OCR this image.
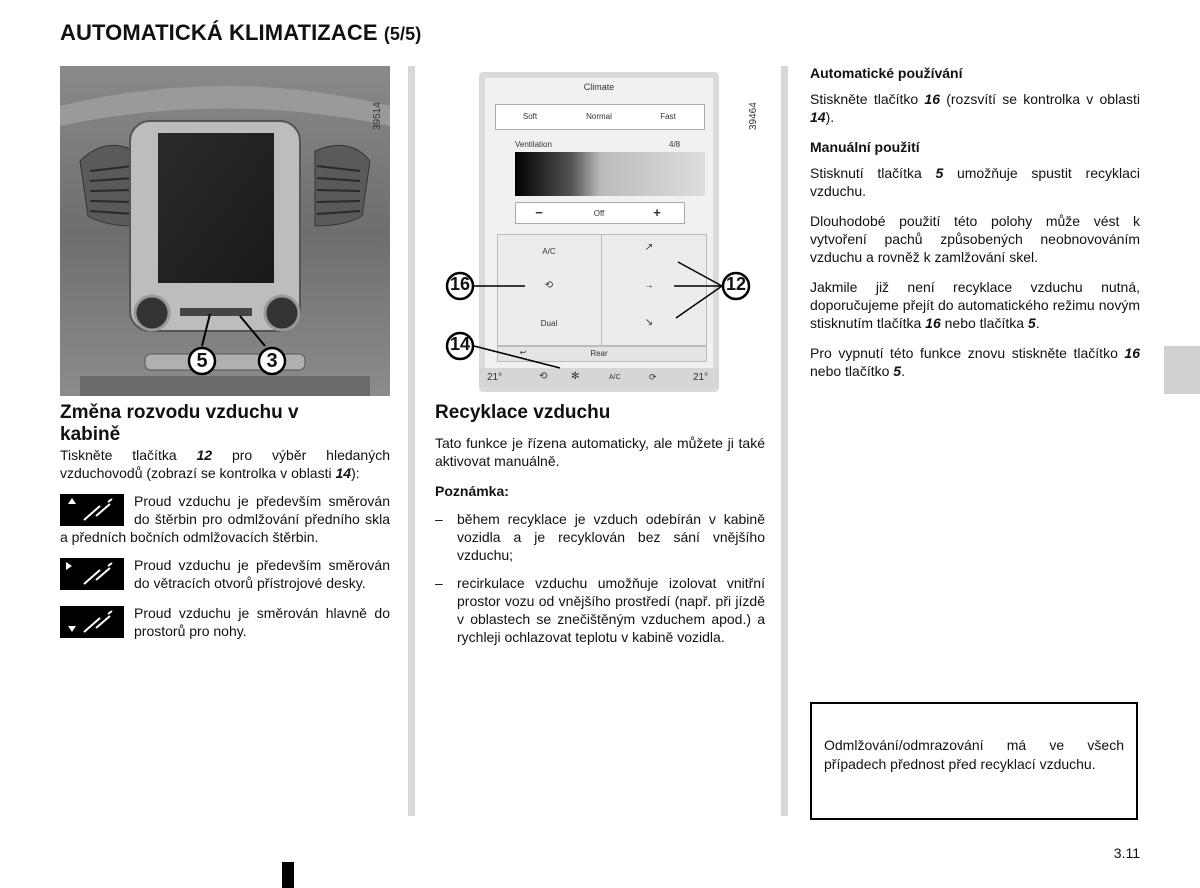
AUTOMATICKÁ KLIMATIZACE (5/5)
3.11
5	3
39514
Climate
Soft	Normal	Fast
Ventilation	4/8
−	Off	+
A/C
⟲
Dual
↗
→
↘
↩	Rear
21°	⟲ ✻	A/C	⟳	21°
16	12
14
39464
Změna rozvodu vzduchu v kabině

Tiskněte tlačítka 12 pro výběr hledaných vzduchovodů (zobrazí se kontrolka v oblasti 14):

Proud vzduchu je především směrován do štěrbin pro odmlžování předního skla a předních bočních odmlžovacích štěrbin.
Proud vzduchu je především směrován do větracích otvorů přístrojové desky.
Proud vzduchu je směrován hlavně do prostorů pro nohy.
Recyklace vzduchu

Tato funkce je řízena automaticky, ale můžete ji také aktivovat manuálně.

Poznámka:
–	během recyklace je vzduch odebírán v kabině vozidla a je recyklován bez sání vnějšího vzduchu;
–	recirkulace vzduchu umožňuje izolovat vnitřní prostor vozu od vnějšího prostředí (např. při jízdě v oblastech se znečištěným vzduchem apod.) a rychleji ochlazovat teplotu v kabině vozidla.
Automatické používání

Stiskněte tlačítko 16 (rozsvítí se kontrolka v oblasti 14).

Manuální použití

Stisknutí tlačítka 5 umožňuje spustit recyklaci vzduchu.

Dlouhodobé použití této polohy může vést k vytvoření pachů způsobených neobnovováním vzduchu a rovněž k zamlžování skel.

Jakmile již není recyklace vzduchu nutná, doporučujeme přejít do automatického režimu novým stisknutím tlačítka 16 nebo tlačítka 5.

Pro vypnutí této funkce znovu stiskněte tlačítko 16 nebo tlačítko 5.

Odmlžování/odmrazování má ve všech případech přednost před recyklací vzduchu.
